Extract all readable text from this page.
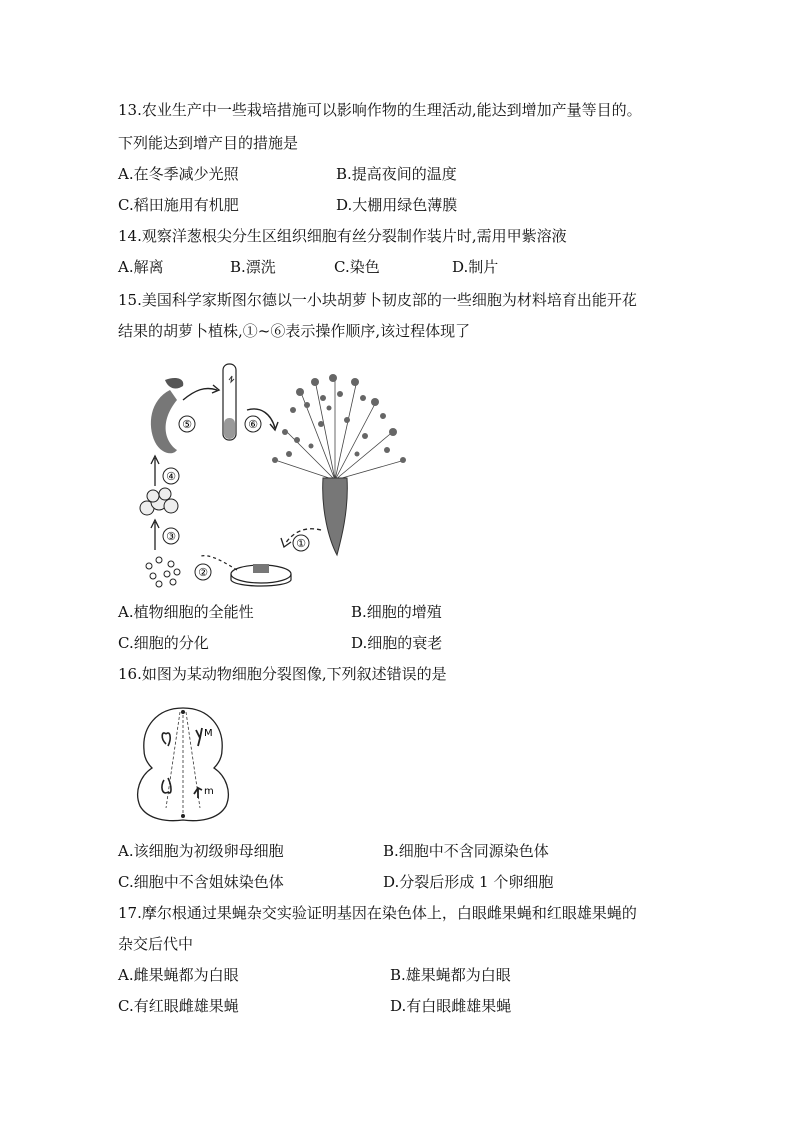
13.农业生产中一些栽培措施可以影响作物的生理活动,能达到增加产量等目的。
下列能达到增产目的措施是
A.在冬季减少光照	B.提高夜间的温度
C.稻田施用有机肥	D.大棚用绿色薄膜
14.观察洋葱根尖分生区组织细胞有丝分裂制作装片时,需用甲紫溶液
A.解离	B.漂洗	C.染色	D.制片
15.美国科学家斯图尔德以一小块胡萝卜韧皮部的一些细胞为材料培育出能开花
结果的胡萝卜植株,①~⑥表示操作顺序,该过程体现了
⑤	⑥
①
②
③
④
A.植物细胞的全能性	B.细胞的增殖
C.细胞的分化	D.细胞的衰老
16.如图为某动物细胞分裂图像,下列叙述错误的是
M
m
A.该细胞为初级卵母细胞	B.细胞中不含同源染色体
C.细胞中不含姐妹染色体	D.分裂后形成 1 个卵细胞
17.摩尔根通过果蝇杂交实验证明基因在染色体上，白眼雌果蝇和红眼雄果蝇的
杂交后代中
A.雌果蝇都为白眼	B.雄果蝇都为白眼
C.有红眼雌雄果蝇	D.有白眼雌雄果蝇
